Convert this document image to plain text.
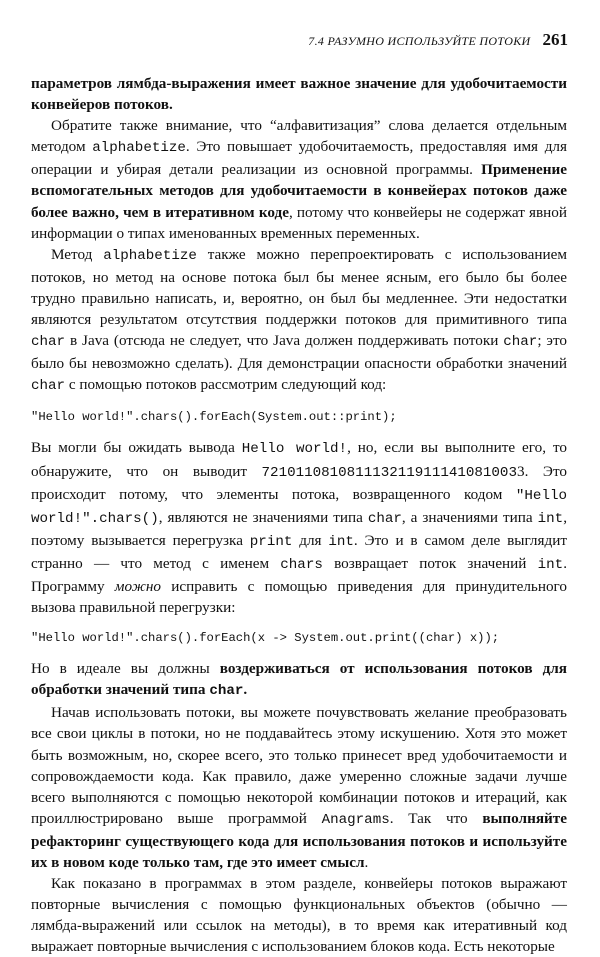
7.4 РАЗУМНО ИСПОЛЬЗУЙТЕ ПОТОКИ 261

параметров лямбда-выражения имеет важное значение для удобочитаемости конвейеров потоков.

Обратите также внимание, что “алфавитизация” слова делается отдельным методом alphabetize. Это повышает удобочитаемость, предоставляя имя для операции и убирая детали реализации из основной программы. Применение вспомогательных методов для удобочитаемости в конвейерах потоков даже более важно, чем в итеративном коде, потому что конвейеры не содержат явной информации о типах именованных временных переменных.

Метод alphabetize также можно перепроектировать с использованием потоков, но метод на основе потока был бы менее ясным, его было бы более трудно правильно написать, и, вероятно, он был бы медленнее. Эти недостатки являются результатом отсутствия поддержки потоков для примитивного типа char в Java (отсюда не следует, что Java должен поддерживать потоки char; это было бы невозможно сделать). Для демонстрации опасности обработки значений char с помощью потоков рассмотрим следующий код:

"Hello world!".chars().forEach(System.out::print);

Вы могли бы ожидать вывода Hello world!, но, если вы выполните его, то обнаружите, что он выводит 7210110810811132119111410810033. Это происходит потому, что элементы потока, возвращенного кодом "Hello world!".chars(), являются не значениями типа char, а значениями типа int, поэтому вызывается перегрузка print для int. Это и в самом деле выглядит странно — что метод с именем chars возвращает поток значений int. Программу можно исправить с помощью приведения для принудительного вызова правильной перегрузки:

"Hello world!".chars().forEach(x -> System.out.print((char) x));

Но в идеале вы должны воздерживаться от использования потоков для обработки значений типа char.

Начав использовать потоки, вы можете почувствовать желание преобразовать все свои циклы в потоки, но не поддавайтесь этому искушению. Хотя это может быть возможным, но, скорее всего, это только принесет вред удобочитаемости и сопровождаемости кода. Как правило, даже умеренно сложные задачи лучше всего выполняются с помощью некоторой комбинации потоков и итераций, как проиллюстрировано выше программой Anagrams. Так что выполняйте рефакторинг существующего кода для использования потоков и используйте их в новом коде только там, где это имеет смысл.

Как показано в программах в этом разделе, конвейеры потоков выражают повторные вычисления с помощью функциональных объектов (обычно — лямбда-выражений или ссылок на методы), в то время как итеративный код выражает повторные вычисления с использованием блоков кода. Есть некоторые
